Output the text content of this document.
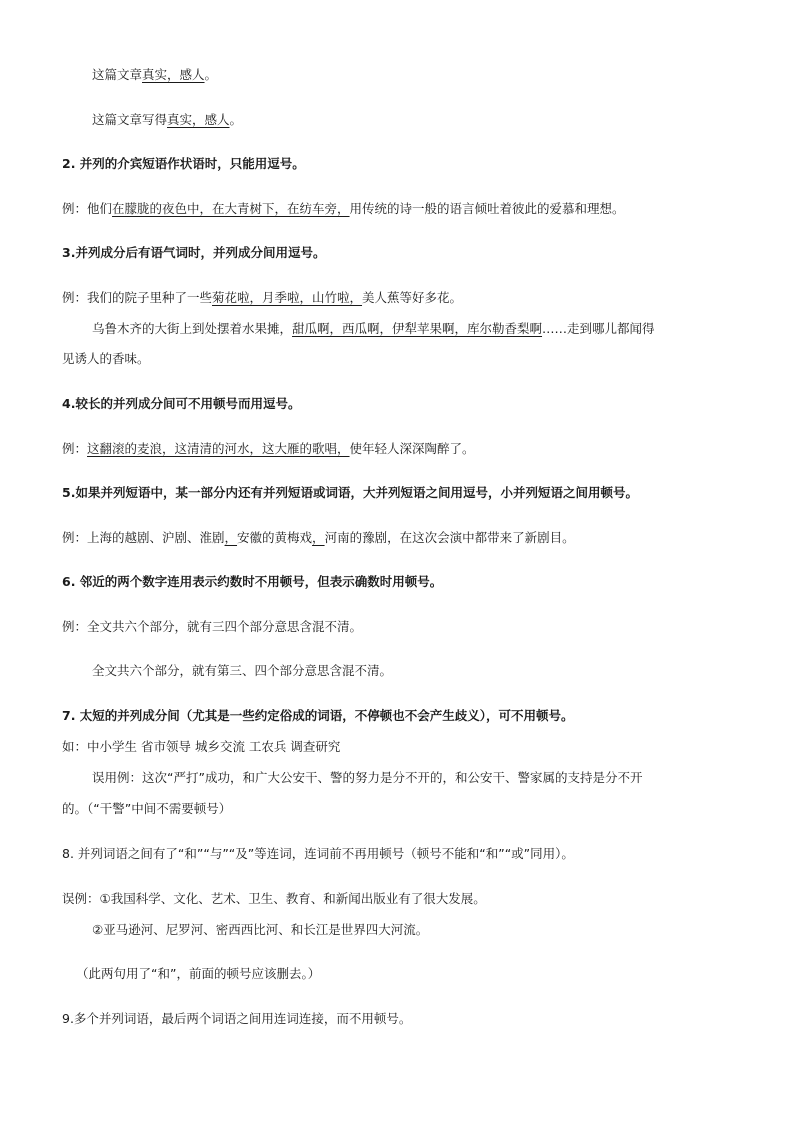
这篇文章真实，感人。
这篇文章写得真实，感人。
2. 并列的介宾短语作状语时，只能用逗号。
例：他们在朦胧的夜色中，在大青树下，在纺车旁，用传统的诗一般的语言倾吐着彼此的爱慕和理想。
3.并列成分后有语气词时，并列成分间用逗号。
例：我们的院子里种了一些菊花啦，月季啦，山竹啦，美人蕉等好多花。
乌鲁木齐的大街上到处摆着水果摊，甜瓜啊，西瓜啊，伊犁苹果啊，库尔勒香梨啊……走到哪儿都闻得
见诱人的香味。
4.较长的并列成分间可不用顿号而用逗号。
例：这翻滚的麦浪，这清清的河水，这大雁的歌唱，使年轻人深深陶醉了。
5.如果并列短语中，某一部分内还有并列短语或词语，大并列短语之间用逗号，小并列短语之间用顿号。
例：上海的越剧、沪剧、淮剧，安徽的黄梅戏，河南的豫剧，在这次会演中都带来了新剧目。
6. 邻近的两个数字连用表示约数时不用顿号，但表示确数时用顿号。
例：全文共六个部分，就有三四个部分意思含混不清。
全文共六个部分，就有第三、四个部分意思含混不清。
7. 太短的并列成分间（尤其是一些约定俗成的词语，不停顿也不会产生歧义），可不用顿号。
如：中小学生 省市领导 城乡交流 工农兵 调查研究
误用例：这次“严打”成功，和广大公安干、警的努力是分不开的，和公安干、警家属的支持是分不开
的。（“干警”中间不需要顿号）
8. 并列词语之间有了“和”“与”“及”等连词，连词前不再用顿号（顿号不能和“和”“或”同用）。
误例：①我国科学、文化、艺术、卫生、教育、和新闻出版业有了很大发展。
②亚马逊河、尼罗河、密西西比河、和长江是世界四大河流。
（此两句用了“和”，前面的顿号应该删去。）
9.多个并列词语，最后两个词语之间用连词连接，而不用顿号。
